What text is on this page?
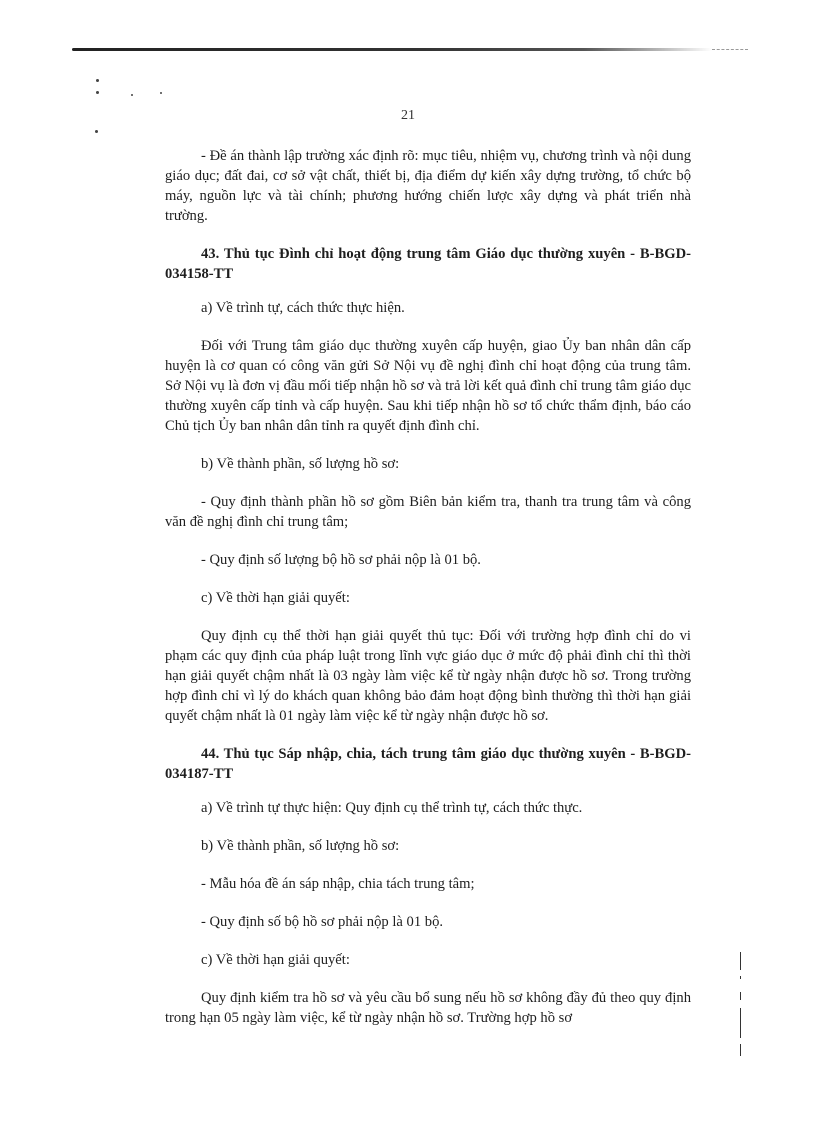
21

- Đề án thành lập trường xác định rõ: mục tiêu, nhiệm vụ, chương trình và nội dung giáo dục; đất đai, cơ sở vật chất, thiết bị, địa điểm dự kiến xây dựng trường, tổ chức bộ máy, nguồn lực và tài chính; phương hướng chiến lược xây dựng và phát triển nhà trường.

43. Thủ tục Đình chỉ hoạt động trung tâm Giáo dục thường xuyên - B-BGD-034158-TT

a) Về trình tự, cách thức thực hiện.

Đối với Trung tâm giáo dục thường xuyên cấp huyện, giao Ủy ban nhân dân cấp huyện là cơ quan có công văn gửi Sở Nội vụ đề nghị đình chỉ hoạt động của trung tâm. Sở Nội vụ là đơn vị đầu mối tiếp nhận hồ sơ và trả lời kết quả đình chỉ trung tâm giáo dục thường xuyên cấp tỉnh và cấp huyện. Sau khi tiếp nhận hồ sơ tổ chức thẩm định, báo cáo Chủ tịch Ủy ban nhân dân tỉnh ra quyết định đình chỉ.

b) Về thành phần, số lượng hồ sơ:

- Quy định thành phần hồ sơ gồm Biên bản kiểm tra, thanh tra trung tâm và công văn đề nghị đình chỉ trung tâm;

- Quy định số lượng bộ hồ sơ phải nộp là 01 bộ.

c) Về thời hạn giải quyết:

Quy định cụ thể thời hạn giải quyết thủ tục: Đối với trường hợp đình chỉ do vi phạm các quy định của pháp luật trong lĩnh vực giáo dục ở mức độ phải đình chỉ thì thời hạn giải quyết chậm nhất là 03 ngày làm việc kể từ ngày nhận được hồ sơ. Trong trường hợp đình chỉ vì lý do khách quan không bảo đảm hoạt động bình thường thì thời hạn giải quyết chậm nhất là 01 ngày làm việc kể từ ngày nhận được hồ sơ.

44. Thủ tục Sáp nhập, chia, tách trung tâm giáo dục thường xuyên - B-BGD-034187-TT

a) Về trình tự thực hiện: Quy định cụ thể trình tự, cách thức thực.

b) Về thành phần, số lượng hồ sơ:

- Mẫu hóa đề án sáp nhập, chia tách trung tâm;

- Quy định số bộ hồ sơ phải nộp là 01 bộ.

c) Về thời hạn giải quyết:

Quy định kiểm tra hồ sơ và yêu cầu bổ sung nếu hồ sơ không đầy đủ theo quy định trong hạn 05 ngày làm việc, kể từ ngày nhận hồ sơ. Trường hợp hồ sơ
